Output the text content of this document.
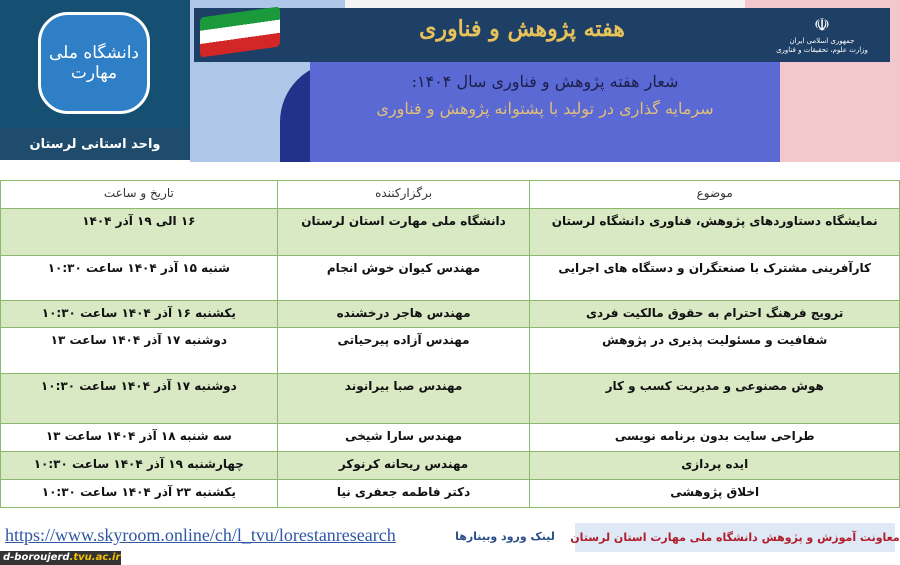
دانشگاه ملی
مهارت
واحد استانی لرستان
هفته پژوهش و فناوری	☫
جمهوری اسلامی ایران
وزارت علوم، تحقیقات و فناوری
شعار هفته پژوهش و فناوری سال ۱۴۰۴:
سرمایه گذاری در تولید با پشتوانه پژوهش و فناوری
موضوع	برگزارکننده	تاریخ و ساعت
نمایشگاه دستاوردهای پژوهش، فناوری دانشگاه لرستان	دانشگاه ملی مهارت استان لرستان	۱۶ الی ۱۹ آذر ۱۴۰۴
کارآفرینی مشترک با صنعتگران و دستگاه های اجرایی	مهندس کیوان خوش انجام	شنبه ۱۵ آذر ۱۴۰۴ ساعت ۱۰:۳۰
ترویج فرهنگ احترام به حقوق مالکیت فردی	مهندس هاجر درخشنده	یکشنبه ۱۶ آذر ۱۴۰۴ ساعت ۱۰:۳۰
شفافیت و مسئولیت پذیری در پژوهش	مهندس آزاده پیرحیاتی	دوشنبه ۱۷ آذر ۱۴۰۴ ساعت ۱۳
هوش مصنوعی و مدیریت کسب و کار	مهندس صبا بیرانوند	دوشنبه ۱۷ آذر ۱۴۰۴ ساعت ۱۰:۳۰
طراحی سایت بدون برنامه نویسی	مهندس سارا شیخی	سه شنبه ۱۸ آذر ۱۴۰۴ ساعت ۱۳
ایده پردازی	مهندس ریحانه کرنوکر	چهارشنبه ۱۹ آذر ۱۴۰۴ ساعت ۱۰:۳۰
اخلاق پژوهشی	دکتر فاطمه جعفری نیا	یکشنبه ۲۳ آذر ۱۴۰۴ ساعت ۱۰:۳۰
معاونت آموزش و پژوهش دانشگاه ملی مهارت استان لرستان
لینک ورود وبینارها
https://www.skyroom.online/ch/l_tvu/lorestanresearch
d-boroujerd.tvu.ac.ir
